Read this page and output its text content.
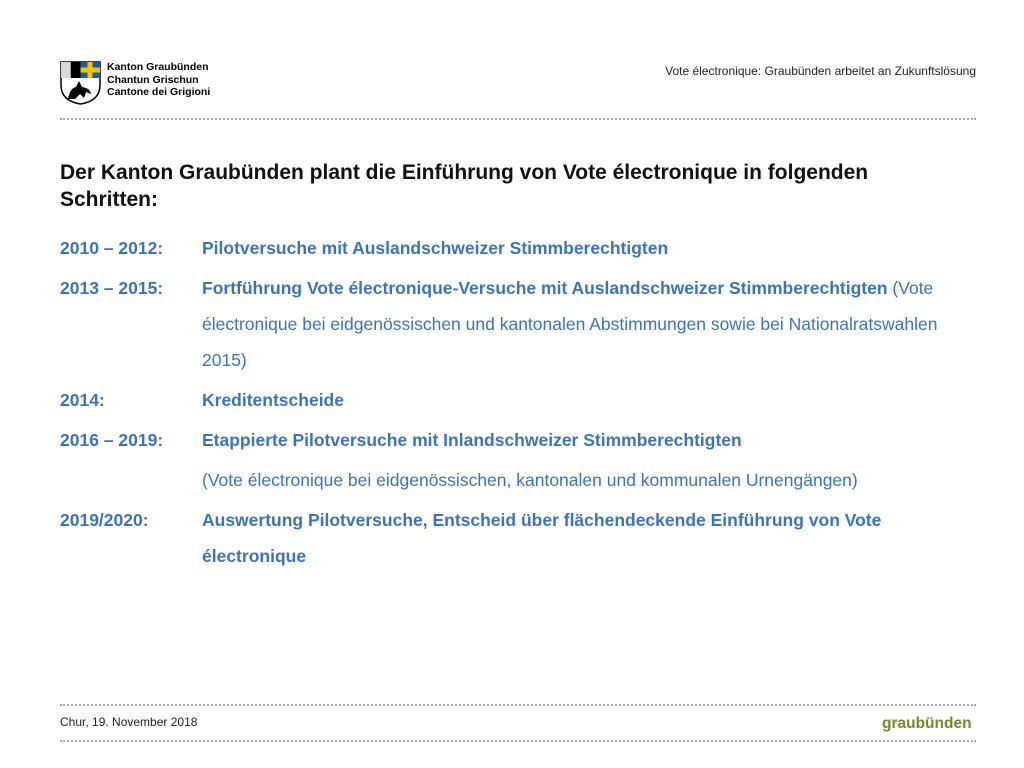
Kanton Graubünden
Chantun Grischun
Cantone dei Grigioni
Vote électronique: Graubünden arbeitet an Zukunftslösung
Der Kanton Graubünden plant die Einführung von Vote électronique in folgenden Schritten:
2010 – 2012:	Pilotversuche mit Auslandschweizer Stimmberechtigten
2013 – 2015:	Fortführung Vote électronique-Versuche mit Auslandschweizer Stimmberechtigten (Vote électronique bei eidgenössischen und kantonalen Abstimmungen sowie bei Nationalratswahlen 2015)
2014:	Kreditentscheide
2016 – 2019:	Etappierte Pilotversuche mit Inlandschweizer Stimmberechtigten
(Vote électronique bei eidgenössischen, kantonalen und kommunalen Urnengängen)
2019/2020:	Auswertung Pilotversuche, Entscheid über flächendeckende Einführung von Vote électronique
Chur, 19. November 2018	graubünden
